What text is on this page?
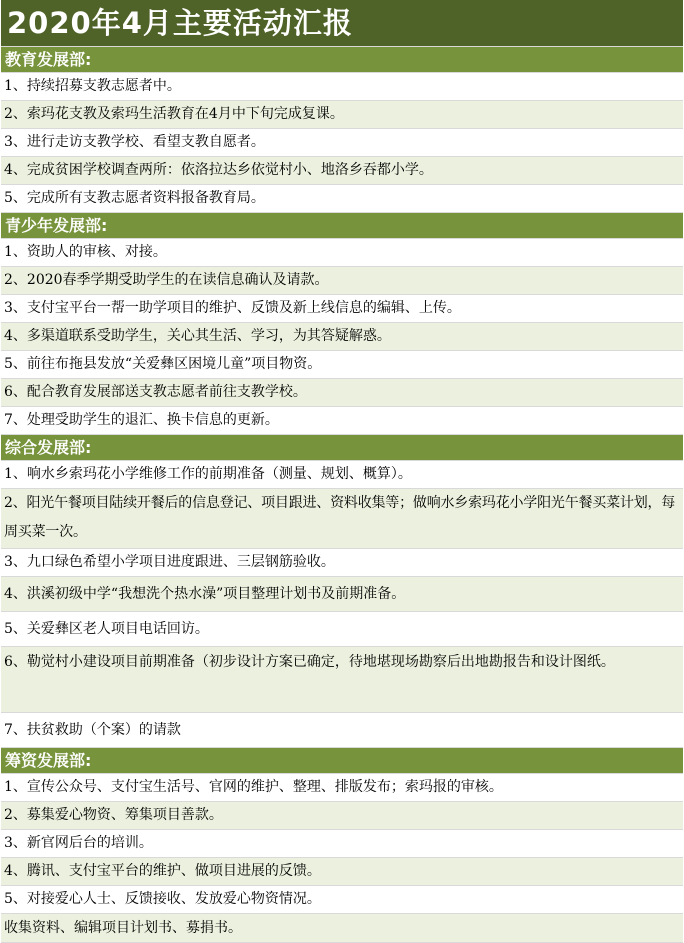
2020年4月主要活动汇报
教育发展部:
1、持续招募支教志愿者中。
2、索玛花支教及索玛生活教育在4月中下旬完成复课。
3、进行走访支教学校、看望支教自愿者。
4、完成贫困学校调查两所：依洛拉达乡依觉村小、地洛乡吞都小学。
5、完成所有支教志愿者资料报备教育局。
青少年发展部:
1、资助人的审核、对接。
2、2020春季学期受助学生的在读信息确认及请款。
3、支付宝平台一帮一助学项目的维护、反馈及新上线信息的编辑、上传。
4、多渠道联系受助学生，关心其生活、学习，为其答疑解惑。
5、前往布拖县发放“关爱彝区困境儿童”项目物资。
6、配合教育发展部送支教志愿者前往支教学校。
7、处理受助学生的退汇、换卡信息的更新。
综合发展部:
1、响水乡索玛花小学维修工作的前期准备（测量、规划、概算）。
2、阳光午餐项目陆续开餐后的信息登记、项目跟进、资料收集等；做响水乡索玛花小学阳光午餐买菜计划，每周买菜一次。
3、九口绿色希望小学项目进度跟进、三层钢筋验收。
4、洪溪初级中学“我想洗个热水澡”项目整理计划书及前期准备。
5、关爱彝区老人项目电话回访。
6、勒觉村小建设项目前期准备（初步设计方案已确定，待地堪现场勘察后出地勘报告和设计图纸。
7、扶贫救助（个案）的请款
筹资发展部:
1、宣传公众号、支付宝生活号、官网的维护、整理、排版发布；索玛报的审核。
2、募集爱心物资、筹集项目善款。
3、新官网后台的培训。
4、腾讯、支付宝平台的维护、做项目进展的反馈。
5、对接爱心人士、反馈接收、发放爱心物资情况。
收集资料、编辑项目计划书、募捐书。
